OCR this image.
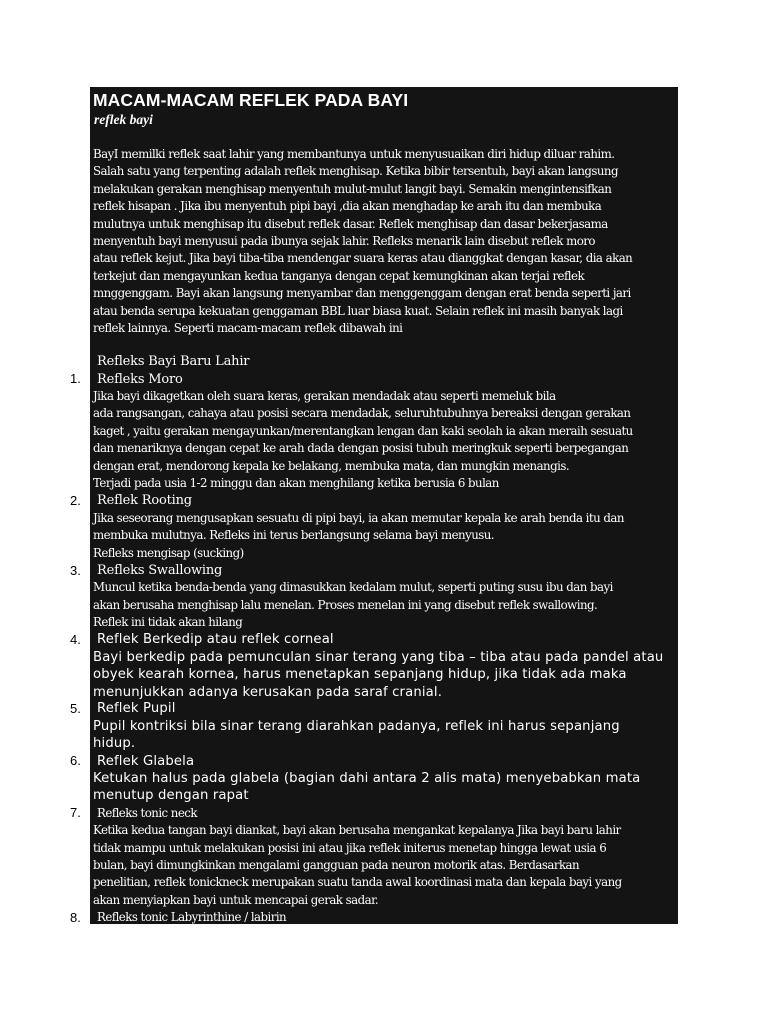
MACAM-MACAM REFLEK PADA BAYI
reflek bayi

BayI memilki reflek saat lahir yang membantunya untuk menyusuaikan diri hidup diluar rahim.

Salah satu yang terpenting adalah reflek menghisap. Ketika bibir tersentuh, bayi akan langsung

melakukan gerakan menghisap menyentuh mulut-mulut langit bayi. Semakin mengintensifkan

reflek hisapan . Jika ibu menyentuh pipi bayi ,dia akan menghadap ke arah itu dan membuka

mulutnya untuk menghisap itu disebut reflek dasar. Reflek menghisap dan dasar bekerjasama

menyentuh bayi menyusui pada ibunya sejak lahir. Refleks menarik lain disebut reflek moro

atau reflek kejut. Jika bayi tiba-tiba mendengar suara keras atau dianggkat dengan kasar, dia akan

terkejut dan mengayunkan kedua tanganya dengan cepat kemungkinan akan terjai reflek

mnggenggam. Bayi akan langsung menyambar dan menggenggam dengan erat benda seperti jari

atau benda serupa kekuatan genggaman BBL luar biasa kuat. Selain reflek ini masih banyak lagi

reflek lainnya. Seperti macam-macam reflek dibawah ini

Refleks Bayi Baru Lahir

1. Refleks Moro

Jika bayi dikagetkan oleh suara keras, gerakan mendadak atau seperti memeluk bila

ada rangsangan, cahaya atau posisi secara mendadak, seluruhtubuhnya bereaksi dengan gerakan

kaget , yaitu gerakan mengayunkan/merentangkan lengan dan kaki seolah ia akan meraih sesuatu

dan menariknya dengan cepat ke arah dada dengan posisi tubuh meringkuk seperti berpegangan

dengan erat, mendorong kepala ke belakang, membuka mata, dan mungkin menangis.

Terjadi pada usia 1-2 minggu dan akan menghilang ketika berusia 6 bulan

2. Reflek Rooting

Jika seseorang mengusapkan sesuatu di pipi bayi, ia akan memutar kepala ke arah benda itu dan

membuka mulutnya. Refleks ini terus berlangsung selama bayi menyusu.

Refleks mengisap (sucking)

3. Refleks Swallowing

Muncul ketika benda-benda yang dimasukkan kedalam mulut, seperti puting susu ibu dan bayi

akan berusaha menghisap lalu menelan. Proses menelan ini yang disebut reflek swallowing.

Reflek ini tidak akan hilang

4. Reflek Berkedip atau reflek corneal

Bayi berkedip pada pemunculan sinar terang yang tiba – tiba atau pada pandel atau

obyek kearah kornea, harus menetapkan sepanjang hidup, jika tidak ada maka

menunjukkan adanya kerusakan pada saraf cranial.

5. Reflek Pupil

Pupil kontriksi bila sinar terang diarahkan padanya, reflek ini harus sepanjang

hidup.

6. Reflek Glabela

Ketukan halus pada glabela (bagian dahi antara 2 alis mata) menyebabkan mata

menutup dengan rapat

7. Refleks tonic neck

Ketika kedua tangan bayi diankat, bayi akan berusaha mengankat kepalanya Jika bayi baru lahir

tidak mampu untuk melakukan posisi ini atau jika reflek initerus menetap hingga lewat usia 6

bulan, bayi dimungkinkan mengalami gangguan pada neuron motorik atas. Berdasarkan

penelitian, reflek tonickneck merupakan suatu tanda awal koordinasi mata dan kepala bayi yang

akan menyiapkan bayi untuk mencapai gerak sadar.

8. Refleks tonic Labyrinthine / labirin
